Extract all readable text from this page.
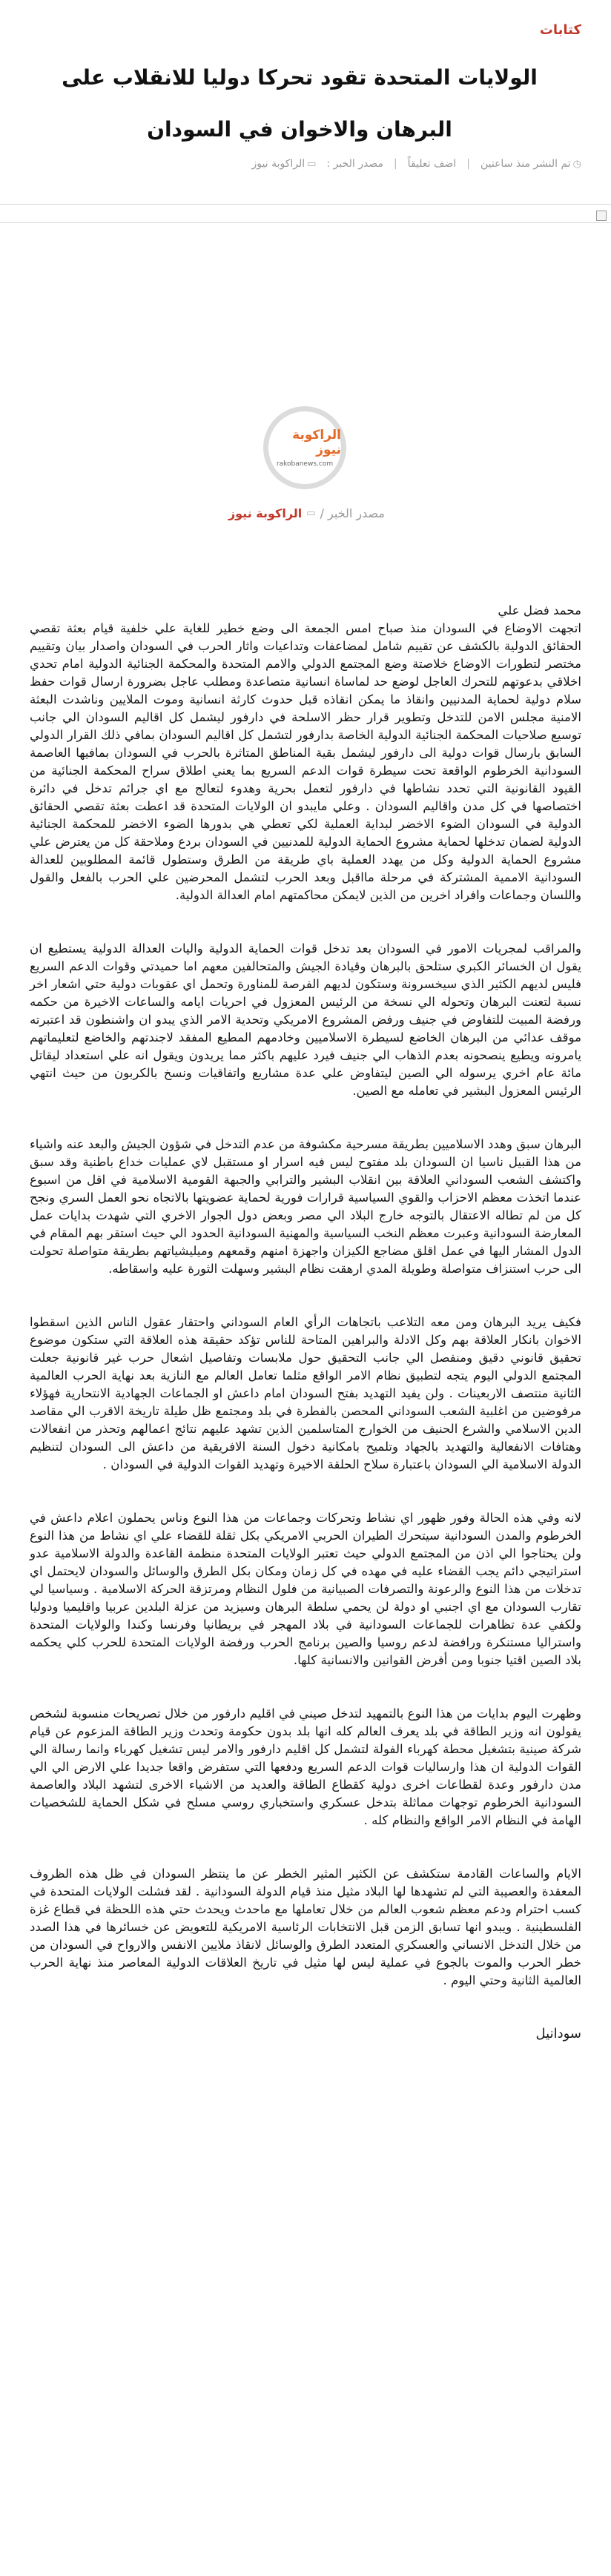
كتابات
الولايات المتحدة تقود تحركا دوليا للانقلاب على البرهان والاخوان في السودان
◷تم النشر منذ ساعتين
|
اضف تعليقاً
|
مصدر الخبر :
▭الراكوبة نيوز
الراكوبة نيوز
rakobanews.com
مصدر الخبر /
▭
الراكوبة نيوز

محمد فضل علي

اتجهت الاوضاع في السودان منذ صباح امس الجمعة الى وضع خطير للغاية علي خلفية قيام بعثة تقصي الحقائق الدولية بالكشف عن تقييم شامل لمضاعفات وتداعيات واثار الحرب في السودان واصدار بيان وتقييم مختصر لتطورات الاوضاع خلاصتة وضع المجتمع الدولي والامم المتحدة والمحكمة الجنائية الدولية امام تحدي اخلاقي بدعوتهم للتحرك العاجل لوضع حد لماساة انسانية متصاعدة ومطلب عاجل بضرورة ارسال قوات حفظ سلام دولية لحماية المدنيين وانقاذ ما يمكن انقاذه قبل حدوث كارثة انسانية وموت الملايين وناشدت البعثة الامنية مجلس الامن للتدخل وتطوير قرار حظر الاسلحة في دارفور ليشمل كل اقاليم السودان الي جانب توسيع صلاحيات المحكمة الجنائية الدولية الخاصة بدارفور لتشمل كل اقاليم السودان بمافي ذلك القرار الدولي السابق بارسال قوات دولية الى دارفور ليشمل بقية المناطق المتاثرة بالحرب في السودان بمافيها العاصمة السودانية الخرطوم الواقعة تحت سيطرة قوات الدعم السريع بما يعني اطلاق سراح المحكمة الجنائية من القيود القانونية التي تحدد نشاطها في دارفور لتعمل بحرية وهدوء لتعالج مع اي جرائم تدخل في دائرة اختصاصها في كل مدن واقاليم السودان . وعلي مايبدو ان الولايات المتحدة قد اعطت بعثة تقصي الحقائق الدولية في السودان الضوء الاخضر لبداية العملية لكي تعطي هي بدورها الضوء الاخضر للمحكمة الجنائية الدولية لضمان تدخلها لحماية مشروع الحماية الدولية للمدنيين في السودان بردع وملاحقة كل من يعترض علي مشروع الحماية الدولية وكل من يهدد العملية باي طريقة من الطرق وستطول قائمة المطلوبين للعدالة السودانية الاممية المشتركة في مرحلة مااقبل وبعد الحرب لتشمل المحرضين علي الحرب بالفعل والقول واللسان وجماعات وافراد اخرين من الذين لايمكن محاكمتهم امام العدالة الدولية.

والمراقب لمجريات الامور في السودان بعد تدخل قوات الحماية الدولية واليات العدالة الدولية يستطيع ان يقول ان الخسائر الكبري ستلحق بالبرهان وقيادة الجيش والمتحالفين معهم اما حميدتي وقوات الدعم السريع فليس لديهم الكثير الذي سيخسرونة وستكون لديهم الفرصة للمناورة وتحمل اي عقوبات دولية حتي اشعار اخر نسبة لتعنت البرهان وتحوله الي نسخة من الرئيس المعزول في احريات ايامه والساعات الاخيرة من حكمه ورفضة المبيت للتفاوض في جنيف ورفض المشروع الامريكي وتحدية الامر الذي يبدو ان واشنطون قد اعتبرته موقف عدائي من البرهان الخاضع لسيطرة الاسلاميين وخادمهم المطيع المفقد لاجندتهم والخاضع لتعليماتهم يامرونه ويطيع ينصحونه بعدم الذهاب الي جنيف فيرد عليهم باكثر مما يريدون ويقول انه علي استعداد ليقاتل مائة عام اخري يرسوله الي الصين ليتفاوض علي عدة مشاريع واتفاقيات ونسخ بالكربون من حيث انتهي الرئيس المعزول البشير في تعامله مع الصين.

البرهان سبق وهدد الاسلاميين بطريقة مسرحية مكشوفة من عدم التدخل في شؤون الجيش والبعد عنه واشياء من هذا القبيل ناسيا ان السودان بلد مفتوح ليس فيه اسرار او مستقبل لاي عمليات خداع باطنية وقد سبق واكتشف الشعب السوداني العلاقة بين انقلاب البشير والترابي والجبهة القومية الاسلامية في اقل من اسبوع عندما اتخذت معظم الاحزاب والقوي السياسية قرارات فورية لحماية عضويتها بالاتجاه نحو العمل السري ونجح كل من لم تطاله الاعتقال بالتوجه خارج البلاد الي مصر وبعض دول الجوار الاخري التي شهدت بدايات عمل المعارضة السودانية وعبرت معظم النخب السياسية والمهنية السودانية الحدود الي حيث استقر بهم المقام في الدول المشار اليها في عمل اقلق مضاجع الكيزان واجهزة امنهم وقمعهم وميليشياتهم بطريقة متواصلة تحولت الى حرب استنزاف متواصلة وطويلة المدي ارهقت نظام البشير وسهلت الثورة عليه واسقاطه.

فكيف يريد البرهان ومن معه التلاعب باتجاهات الرأي العام السوداني واحتقار عقول الناس الذين اسقطوا الاخوان بانكار العلاقة بهم وكل الادلة والبراهين المتاحة للناس تؤكد حقيقة هذه العلاقة التي ستكون موضوع تحقيق قانوني دقيق ومنفصل الي جانب التحقيق حول ملابسات وتفاصيل اشعال حرب غير قانونية جعلت المجتمع الدولي اليوم يتجه لتطبيق نظام الامر الواقع مثلما تعامل العالم مع النازية بعد نهاية الحرب العالمية الثانية منتصف الاربعينات . ولن يفيد التهديد بفتح السودان امام داعش او الجماعات الجهادية الانتحارية فهؤلاء مرفوضين من اغلبية الشعب السوداني المحصن بالفطرة في بلد ومجتمع ظل طيلة تاريخة الاقرب الي مقاصد الدين الاسلامي والشرع الحنيف من الخوارج المتاسلمين الذين تشهد عليهم نتائج اعمالهم وتحذر من انفعالات وهتافات الانفعالية والتهديد بالجهاد وتلميح بامكانية دخول السنة الافريقية من داعش الى السودان لتنظيم الدولة الاسلامية الي السودان باعتبارة سلاح الحلقة الاخيرة وتهديد القوات الدولية في السودان .

لانه وفي هذه الحالة وفور ظهور اي نشاط وتحركات وجماعات من هذا النوع وناس يحملون اعلام داعش في الخرطوم والمدن السودانية سيتحرك الطيران الحربي الامريكي بكل ثقلة للقضاء علي اي نشاط من هذا النوع ولن يحتاجوا الي اذن من المجتمع الدولي حيث تعتبر الولايات المتحدة منظمة القاعدة والدولة الاسلامية عدو استراتيجي دائم يجب القضاء عليه في مهده في كل زمان ومكان بكل الطرق والوسائل والسودان لايحتمل اي تدخلات من هذا النوع والرعونة والتصرفات الصبيانية من فلول النظام ومرتزقة الحركة الاسلامية . وسياسيا لي تقارب السودان مع اي اجنبي او دولة لن يحمي سلطة البرهان وسيزيد من عزلة البلدين عربيا واقليميا ودوليا ولكفي عدة تظاهرات للجماعات السودانية في بلاد المهجر في بريطانيا وفرنسا وكندا والولايات المتحدة واستراليا مستنكرة ورافضة لدعم روسيا والصين برنامج الحرب ورفضة الولايات المتحدة للحرب كلي يحكمه بلاد الصين اقتيا جنوبا ومن أفرض القوانين والانسانية كلها.

وظهرت اليوم بدايات من هذا النوع بالتمهيد لتدخل صيني في اقليم دارفور من خلال تصريحات منسوبة لشخص يقولون انه وزير الطاقة في بلد يعرف العالم كله انها بلد بدون حكومة وتحدث وزير الطاقة المزعوم عن قيام شركة صينية بتشغيل محطة كهرباء الفولة لتشمل كل اقليم دارفور والامر ليس تشغيل كهرباء وانما رسالة الي القوات الدولية ان هذا وارساليات قوات الدعم السريع ودفعها التي ستفرض واقعا جديدا علي الارض الي الي مدن دارفور وعدة لقطاعات اخرى دولية كقطاع الطاقة والعديد من الاشياء الاخرى لتشهد البلاد والعاصمة السودانية الخرطوم توجهات مماثلة بتدخل عسكري واستخباري روسي مسلح في شكل الحماية للشخصيات الهامة في النظام الامر الواقع والنظام كله .

الايام والساعات القادمة ستكشف عن الكثير المثير الخطر عن ما ينتظر السودان في ظل هذه الظروف المعقدة والعصيبة التي لم تشهدها لها البلاد مثيل منذ قيام الدولة السودانية . لقد فشلت الولايات المتحدة في كسب احترام ودعم معظم شعوب العالم من خلال تعاملها مع ماحدث ويحدث حتي هذه اللحظة في قطاع غزة الفلسطينية . ويبدو انها تسابق الزمن قبل الانتخابات الرئاسية الامريكية للتعويض عن خسائرها في هذا الصدد من خلال التدخل الانساني والعسكري المتعدد الطرق والوسائل لانقاذ ملايين الانفس والارواح في السودان من خطر الحرب والموت بالجوع في عملية ليس لها مثيل في تاريخ العلاقات الدولية المعاصر منذ نهاية الحرب العالمية الثانية وحتي اليوم .

سودانيل
